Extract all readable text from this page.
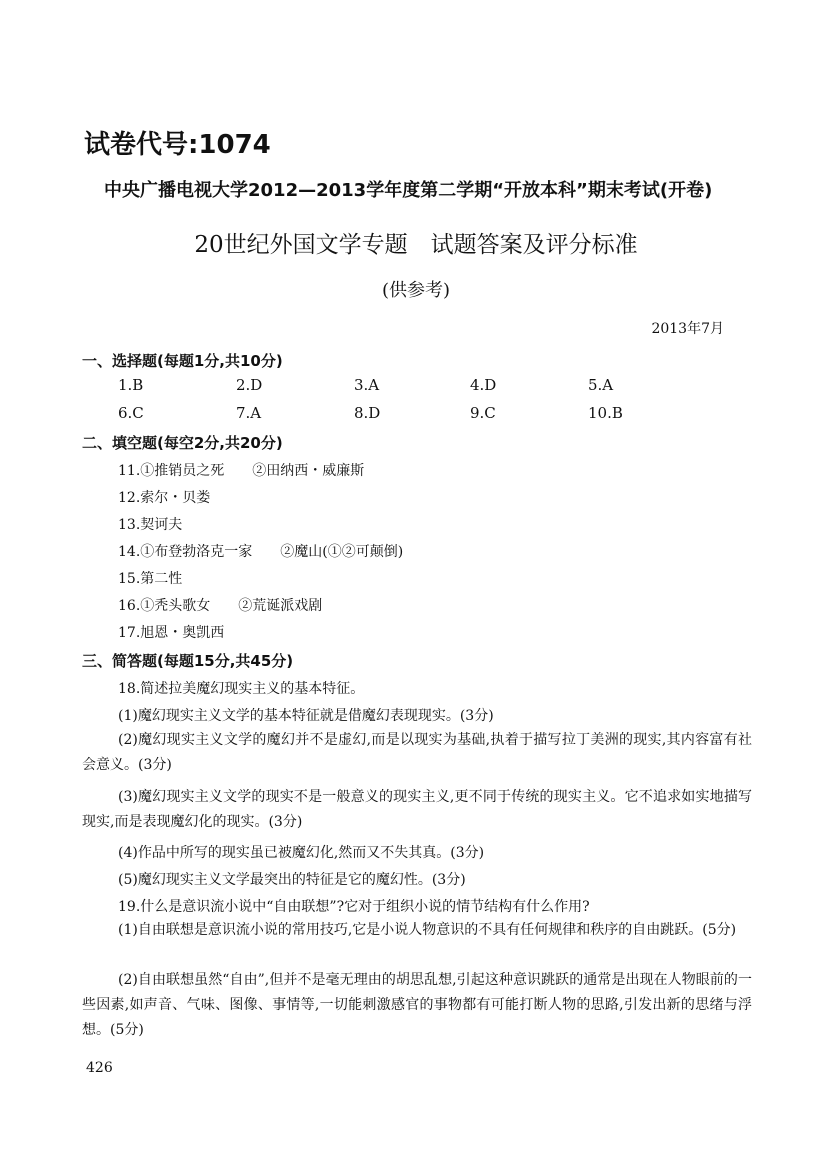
试卷代号:1074
中央广播电视大学2012—2013学年度第二学期“开放本科”期末考试(开卷)
20世纪外国文学专题　试题答案及评分标准
(供参考)
2013年7月
一、选择题(每题1分,共10分)
1.B	2.D	3.A	4.D	5.A
6.C	7.A	8.D	9.C	10.B
二、填空题(每空2分,共20分)
11.①推销员之死　　②田纳西・威廉斯
12.索尔・贝娄
13.契诃夫
14.①布登勃洛克一家　　②魔山(①②可颠倒)
15.第二性
16.①秃头歌女　　②荒诞派戏剧
17.旭恩・奥凯西
三、简答题(每题15分,共45分)
18.简述拉美魔幻现实主义的基本特征。
(1)魔幻现实主义文学的基本特征就是借魔幻表现现实。(3分)
(2)魔幻现实主义文学的魔幻并不是虚幻,而是以现实为基础,执着于描写拉丁美洲的现实,其内容富有社会意义。(3分)
(3)魔幻现实主义文学的现实不是一般意义的现实主义,更不同于传统的现实主义。它不追求如实地描写现实,而是表现魔幻化的现实。(3分)
(4)作品中所写的现实虽已被魔幻化,然而又不失其真。(3分)
(5)魔幻现实主义文学最突出的特征是它的魔幻性。(3分)
19.什么是意识流小说中“自由联想”?它对于组织小说的情节结构有什么作用?
(1)自由联想是意识流小说的常用技巧,它是小说人物意识的不具有任何规律和秩序的自由跳跃。(5分)
(2)自由联想虽然“自由”,但并不是毫无理由的胡思乱想,引起这种意识跳跃的通常是出现在人物眼前的一些因素,如声音、气味、图像、事情等,一切能刺激感官的事物都有可能打断人物的思路,引发出新的思绪与浮想。(5分)
426
